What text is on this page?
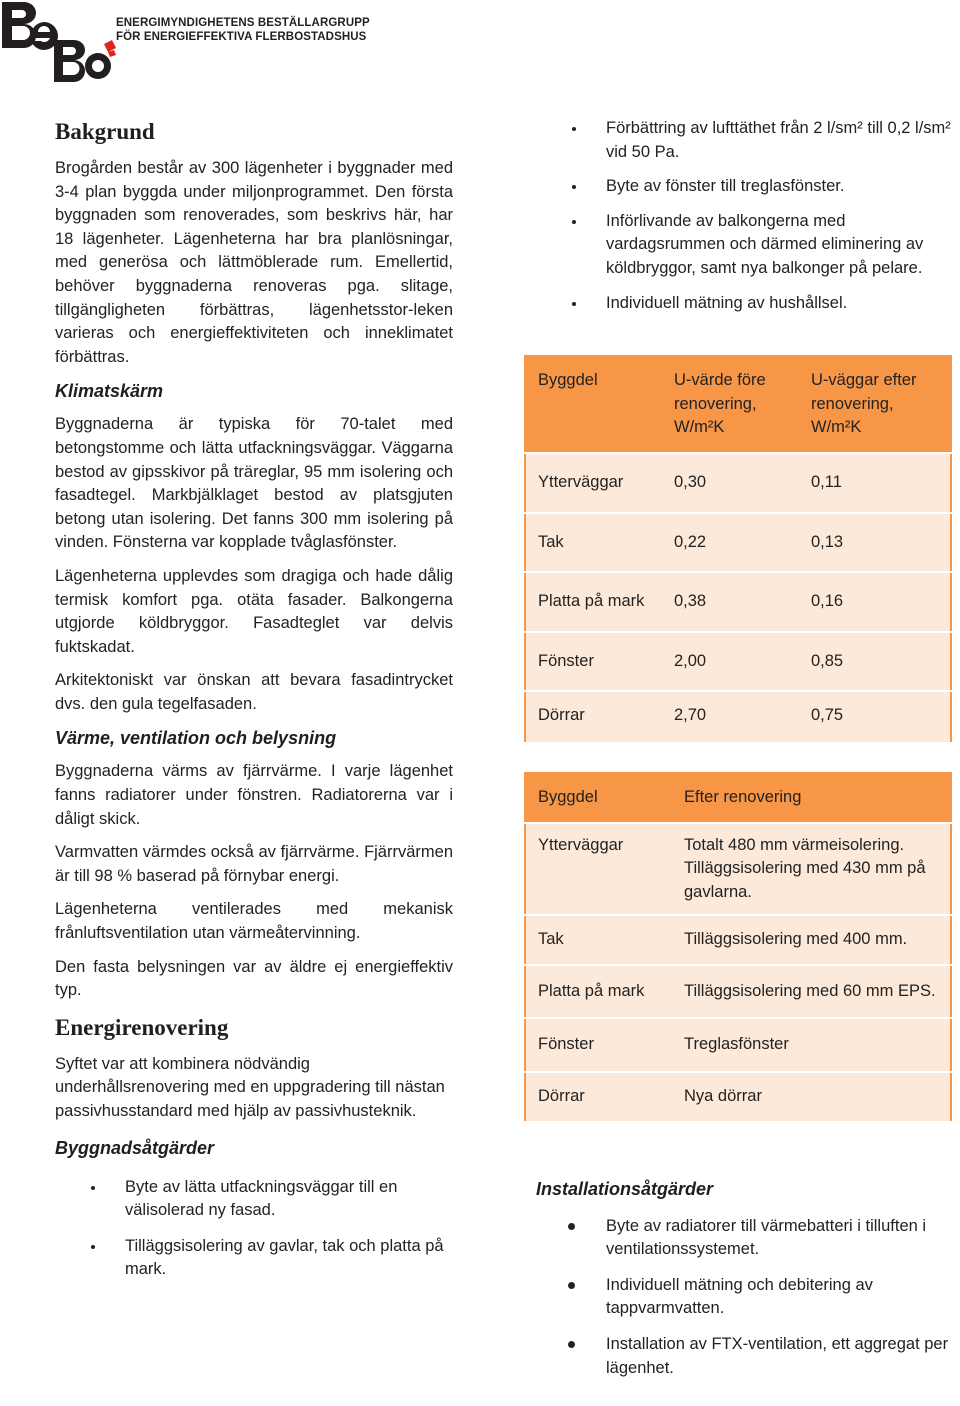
ENERGIMYNDIGHETENS BESTÄLLARGRUPP
FÖR ENERGIEFFEKTIVA FLERBOSTADSHUS
Bakgrund

Brogården består av 300 lägenheter i byggnader med 3-4 plan byggda under miljonprogrammet. Den första byggnaden som renoverades, som beskrivs här, har 18 lägenheter. Lägenheterna har bra planlösningar, med generösa och lättmöblerade rum. Emellertid, behöver byggnaderna renoveras pga. slitage, tillgängligheten förbättras, lägenhetsstor-leken varieras och energieffektiviteten och inneklimatet förbättras.

Klimatskärm

Byggnaderna är typiska för 70-talet med betongstomme och lätta utfackningsväggar. Väggarna bestod av gipsskivor på träreglar, 95 mm isolering och fasadtegel. Markbjälklaget bestod av platsgjuten betong utan isolering. Det fanns 300 mm isolering på vinden. Fönsterna var kopplade tvåglasfönster.

Lägenheterna upplevdes som dragiga och hade dålig termisk komfort pga. otäta fasader. Balkongerna utgjorde köldbryggor. Fasadteglet var delvis fuktskadat.

Arkitektoniskt var önskan att bevara fasadintrycket dvs. den gula tegelfasaden.

Värme, ventilation och belysning

Byggnaderna värms av fjärrvärme. I varje lägenhet fanns radiatorer under fönstren. Radiatorerna var i dåligt skick.

Varmvatten värmdes också av fjärrvärme. Fjärrvärmen är till 98 % baserad på förnybar energi.

Lägenheterna ventilerades med mekanisk frånluftsventilation utan värmeåtervinning.

Den fasta belysningen var av äldre ej energieffektiv typ.

Energirenovering

Syftet var att kombinera nödvändig underhållsrenovering med en uppgradering till nästan passivhusstandard med hjälp av passivhusteknik.

Byggnadsåtgärder
Byte av lätta utfackningsväggar till en välisolerad ny fasad.
Tilläggsisolering av gavlar, tak och platta på mark.
Förbättring av lufttäthet från 2 l/sm² till 0,2 l/sm² vid 50 Pa.
Byte av fönster till treglasfönster.
Införlivande av balkongerna med vardagsrummen och därmed eliminering av köldbryggor, samt nya balkonger på pelare.
Individuell mätning av hushållsel.
Byggdel	U-värde före renovering, W/m²K	U-väggar efter renovering, W/m²K
Ytterväggar	0,30	0,11
Tak	0,22	0,13
Platta på mark	0,38	0,16
Fönster	2,00	0,85
Dörrar	2,70	0,75
Byggdel	Efter renovering
Ytterväggar	Totalt 480 mm värmeisolering. Tilläggsisolering med 430 mm på gavlarna.
Tak	Tilläggsisolering med 400 mm.
Platta på mark	Tilläggsisolering med 60 mm EPS.
Fönster	Treglasfönster
Dörrar	Nya dörrar
Installationsåtgärder
Byte av radiatorer till värmebatteri i tilluften i ventilationssystemet.
Individuell mätning och debitering av tappvarmvatten.
Installation av FTX-ventilation, ett aggregat per lägenhet.
